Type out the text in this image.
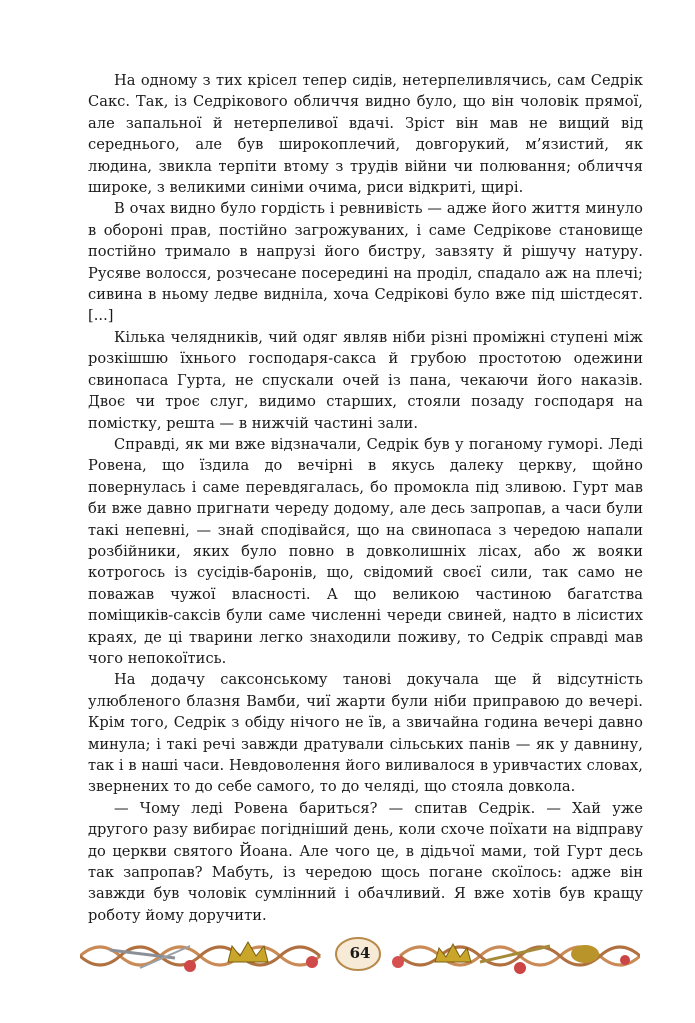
На одному з тих крісел тепер сидів, нетерпеливлячись, сам Седрік Сакс. Так, із Седрікового обличчя видно було, що він чоловік прямої, але запальної й нетерпеливої вдачі. Зріст він мав не вищий від середнього, але був широкоплечий, довгорукий, м’язистий, як людина, звикла терпіти втому з трудів війни чи полювання; обличчя широке, з великими синіми очима, риси відкриті, щирі.

В очах видно було гордість і ревнивість — адже його життя минуло в обороні прав, постійно загрожуваних, і саме Седрікове становище постійно тримало в напрузі його бистру, завзяту й рішучу натуру. Русяве волосся, розчесане посередині на проділ, спадало аж на плечі; сивина в ньому ледве виднілa, хоча Седрікові було вже під шістдесят. [...]

Кілька челядників, чий одяг являв ніби різні проміжні ступені між розкішшю їхнього господаря-сакса й грубою простотою одежини свинопаса Гурта, не спускали очей із пана, чекаючи його наказів. Двоє чи троє слуг, видимо старших, стояли позаду господаря на помістку, решта — в нижчій частині зали.

Справді, як ми вже відзначали, Седрік був у поганому гуморі. Леді Ровена, що їздила до вечірні в якусь далеку церкву, щойно повернулась і саме перевдягалась, бо промокла під зливою. Гурт мав би вже давно пригнати череду додому, але десь запропав, а часи були такі непевні, — знай сподівайся, що на свинопаса з чередою напали розбійники, яких було повно в довколишніх лісах, або ж вояки котрогось із сусідів-баронів, що, свідомий своєї сили, так само не поважав чужої власності. А що великою частиною багатства поміщиків-саксів були саме численні череди свиней, надто в лісистих краях, де ці тварини легко знаходили поживу, то Седрік справді мав чого непокоїтись.

На додачу саксонському танові докучала ще й відсутність улюбленого блазня Вамби, чиї жарти були ніби приправою до вечері. Крім того, Седрік з обіду нічого не їв, а звичайна година вечері давно минула; і такі речі завжди дратували сільських панів — як у давнину, так і в наші часи. Невдоволення його виливалося в уривчастих словах, звернених то до себе самого, то до челяді, що стояла довкола.

— Чому леді Ровена бариться? — спитав Седрік. — Хай уже другого разу вибирає погідніший день, коли схоче поїхати на відправу до церкви святого Йоана. Але чого це, в дідьчої мами, той Гурт десь так запропав? Мабуть, із чередою щось погане скоїлось: адже він завжди був чоловік сумлінний і обачливий. Я вже хотів був кращу роботу йому доручити.

64
